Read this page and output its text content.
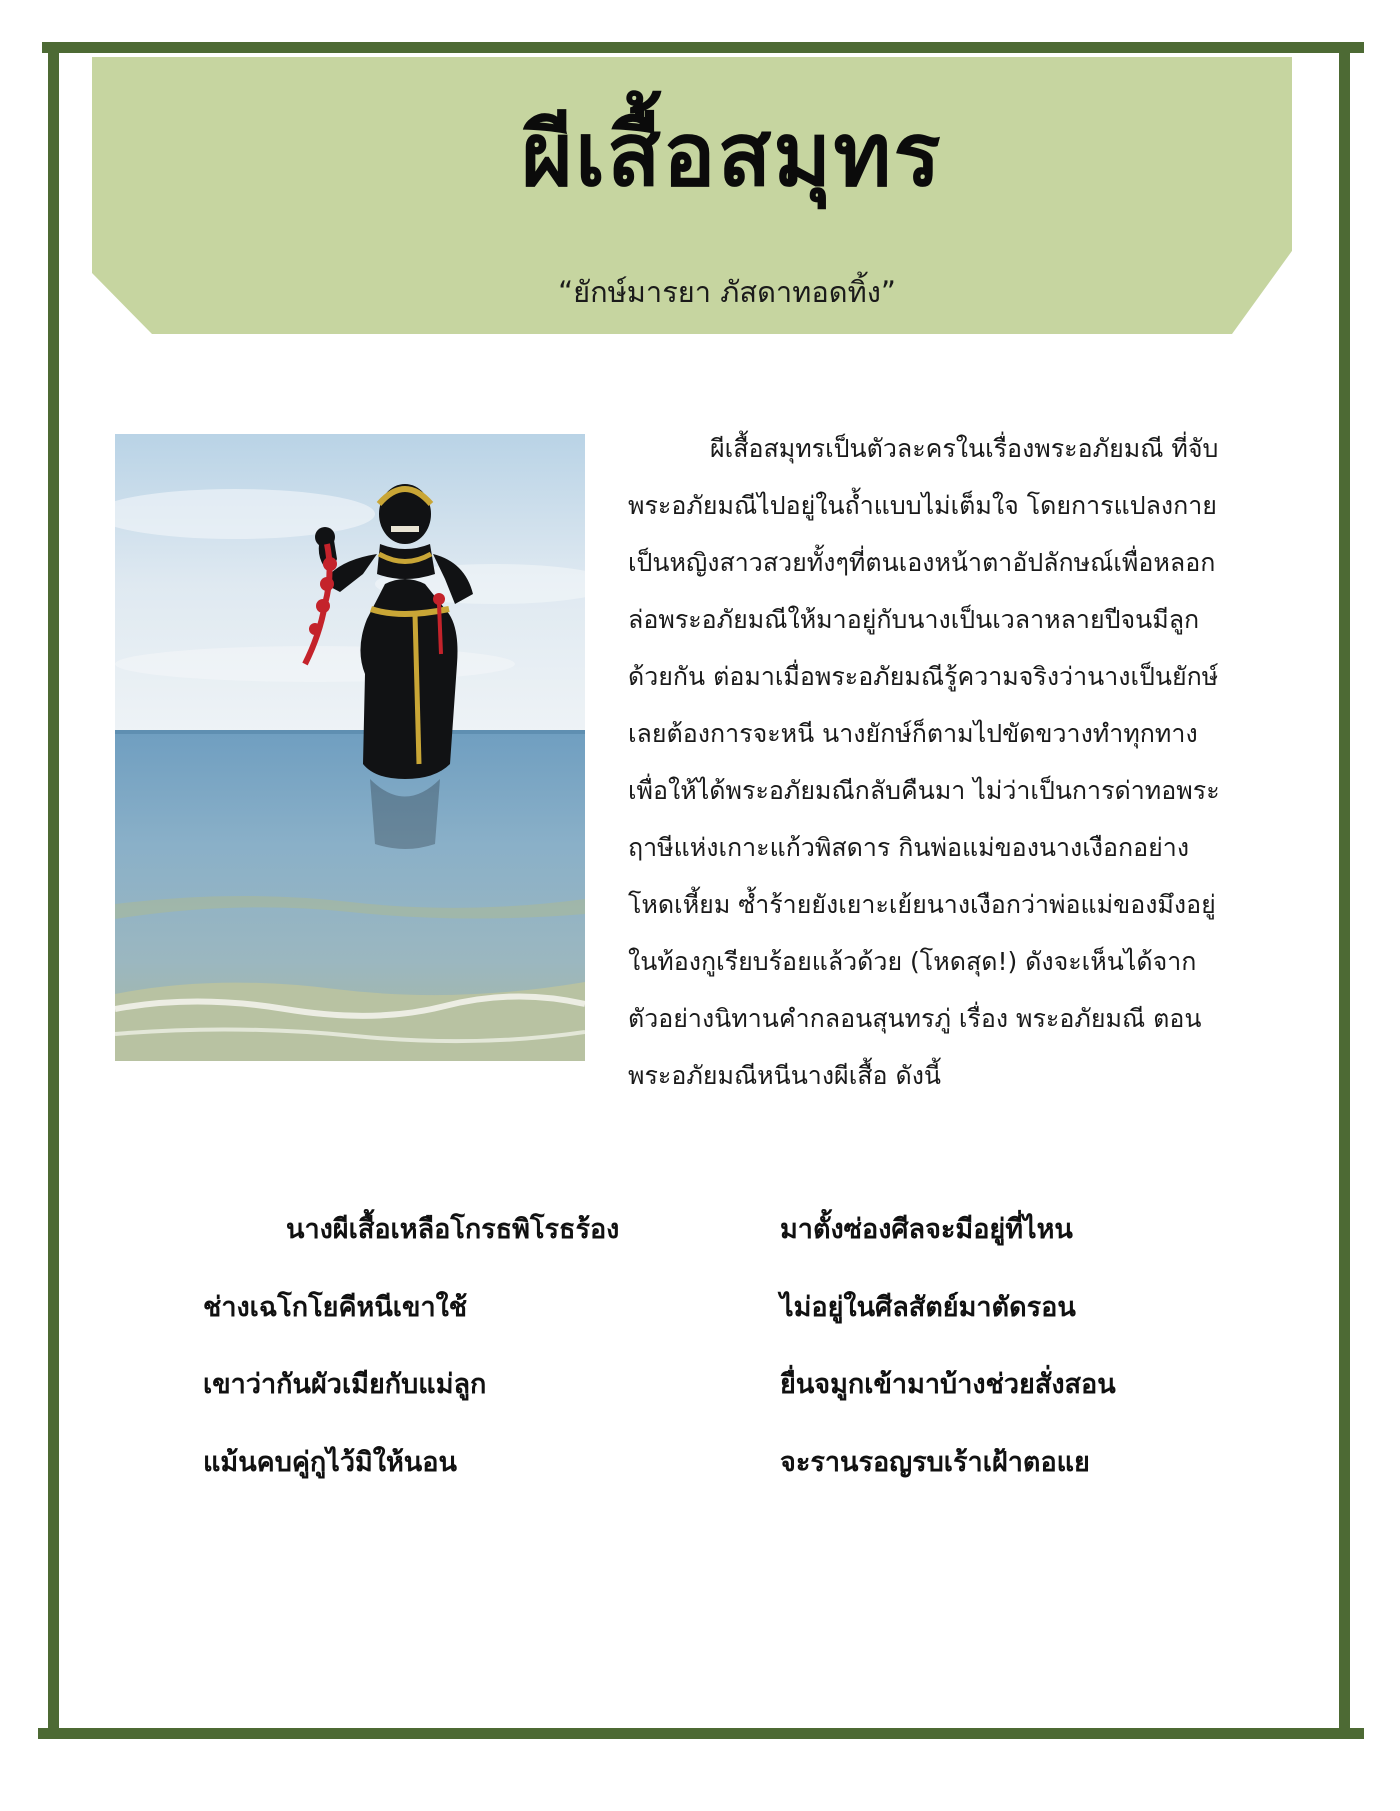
ผีเสื้อสมุทร
“ยักษ์มารยา ภัสดาทอดทิ้ง”
ผีเสื้อสมุทรเป็นตัวละครในเรื่องพระอภัยมณี ที่จับ
พระอภัยมณีไปอยู่ในถ้ำแบบไม่เต็มใจ โดยการแปลงกาย
เป็นหญิงสาวสวยทั้งๆที่ตนเองหน้าตาอัปลักษณ์เพื่อหลอก
ล่อพระอภัยมณีให้มาอยู่กับนางเป็นเวลาหลายปีจนมีลูก
ด้วยกัน ต่อมาเมื่อพระอภัยมณีรู้ความจริงว่านางเป็นยักษ์
เลยต้องการจะหนี นางยักษ์ก็ตามไปขัดขวางทำทุกทาง
เพื่อให้ได้พระอภัยมณีกลับคืนมา ไม่ว่าเป็นการด่าทอพระ
ฤาษีแห่งเกาะแก้วพิสดาร กินพ่อแม่ของนางเงือกอย่าง
โหดเหี้ยม ซ้ำร้ายยังเยาะเย้ยนางเงือกว่าพ่อแม่ของมึงอยู่
ในท้องกูเรียบร้อยแล้วด้วย (โหดสุด!) ดังจะเห็นได้จาก
ตัวอย่างนิทานคำกลอนสุนทรภู่ เรื่อง พระอภัยมณี ตอน
พระอภัยมณีหนีนางผีเสื้อ ดังนี้
นางผีเสื้อเหลือโกรธพิโรธร้อง	มาตั้งซ่องศีลจะมีอยู่ที่ไหน
ช่างเฉโกโยคีหนีเขาใช้	ไม่อยู่ในศีลสัตย์มาตัดรอน
เขาว่ากันผัวเมียกับแม่ลูก	ยื่นจมูกเข้ามาบ้างช่วยสั่งสอน
แม้นคบคู่กูไว้มิให้นอน	จะรานรอญรบเร้าเฝ้าตอแย
